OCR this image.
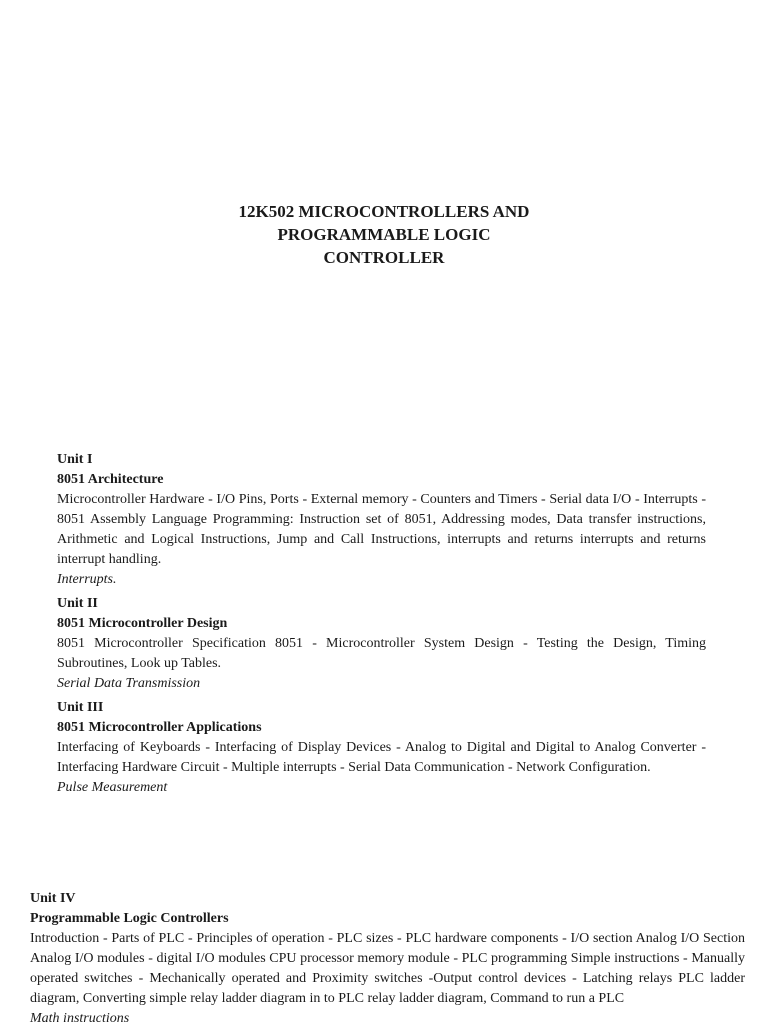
12K502 MICROCONTROLLERS AND
PROGRAMMABLE LOGIC
CONTROLLER
Unit I
8051 Architecture
Microcontroller Hardware - I/O Pins, Ports - External memory - Counters and Timers - Serial data I/O - Interrupts - 8051 Assembly Language Programming: Instruction set of 8051, Addressing modes, Data transfer instructions, Arithmetic and Logical Instructions, Jump and Call Instructions, interrupts and returns interrupts and returns interrupt handling.
Interrupts.
Unit II
8051 Microcontroller Design
8051 Microcontroller Specification 8051 - Microcontroller System Design - Testing the Design, Timing Subroutines, Look up Tables.
Serial Data Transmission
Unit III
8051 Microcontroller Applications
Interfacing of Keyboards - Interfacing of Display Devices - Analog to Digital and Digital to Analog Converter - Interfacing Hardware Circuit - Multiple interrupts - Serial Data Communication - Network Configuration.
Pulse Measurement
Unit IV
Programmable Logic Controllers
Introduction - Parts of PLC - Principles of operation - PLC sizes - PLC hardware components - I/O section Analog I/O Section Analog I/O modules - digital I/O modules CPU processor memory module - PLC programming Simple instructions - Manually operated switches - Mechanically operated and Proximity switches -Output control devices - Latching relays PLC ladder diagram, Converting simple relay ladder diagram in to PLC relay ladder diagram, Command to run a PLC
Math instructions
